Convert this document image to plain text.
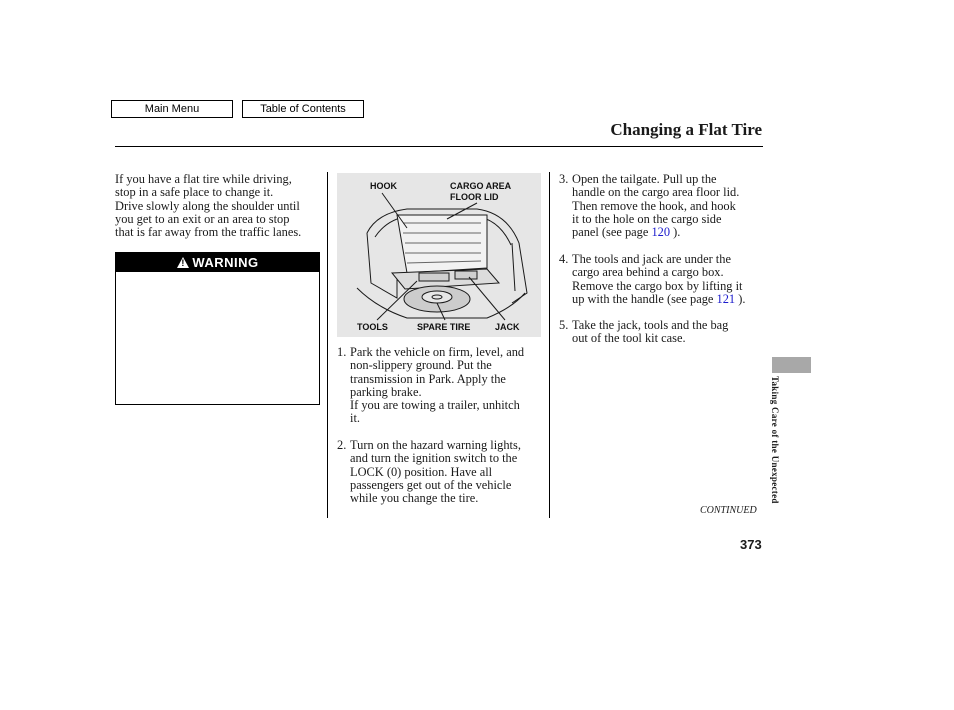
Main Menu	Table of Contents
Changing a Flat Tire
If you have a flat tire while driving,
stop in a safe place to change it.
Drive slowly along the shoulder until
you get to an exit or an area to stop
that is far away from the traffic lanes.
!WARNING
HOOK	CARGO AREA
FLOOR LID
TOOLS	SPARE TIRE	JACK
1. Park the vehicle on firm, level, and
non-slippery ground. Put the
transmission in Park. Apply the
parking brake.
If you are towing a trailer, unhitch
it.
2. Turn on the hazard warning lights,
and turn the ignition switch to the
LOCK (0) position. Have all
passengers get out of the vehicle
while you change the tire.
3. Open the tailgate. Pull up the
handle on the cargo area floor lid.
Then remove the hook, and hook
it to the hole on the cargo side
panel (see page 120 ).
4. The tools and jack are under the
cargo area behind a cargo box.
Remove the cargo box by lifting it
up with the handle (see page 121 ).
5. Take the jack, tools and the bag
out of the tool kit case.
Taking Care of the Unexpected
CONTINUED
373
